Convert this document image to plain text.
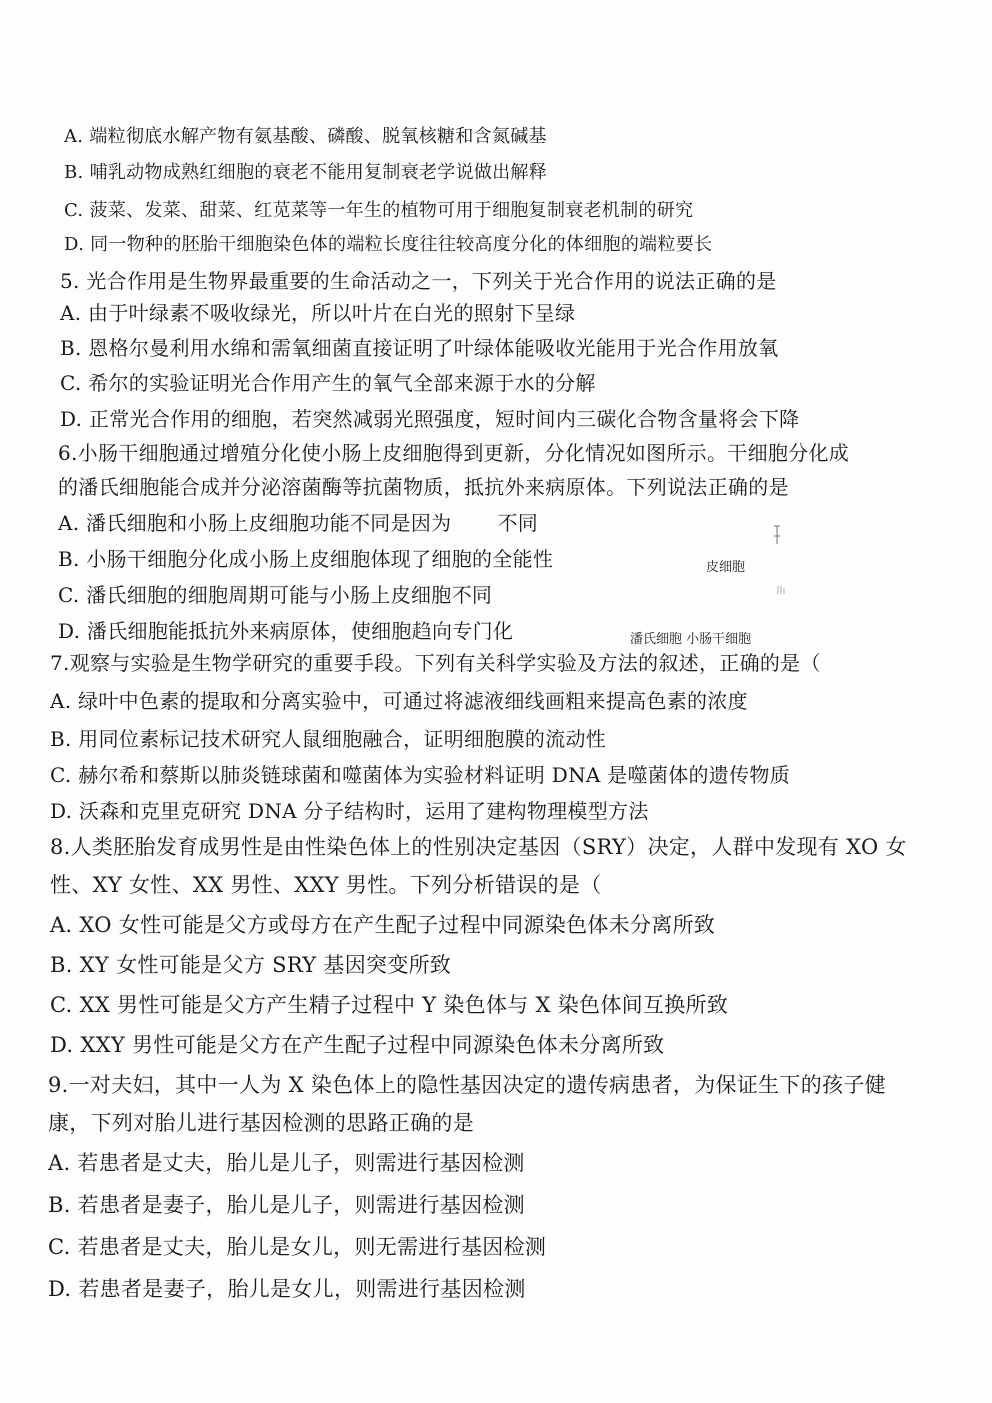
A. 端粒彻底水解产物有氨基酸、磷酸、脱氧核糖和含氮碱基
B. 哺乳动物成熟红细胞的衰老不能用复制衰老学说做出解释
C. 菠菜、发菜、甜菜、红苋菜等一年生的植物可用于细胞复制衰老机制的研究
D. 同一物种的胚胎干细胞染色体的端粒长度往往较高度分化的体细胞的端粒要长
5. 光合作用是生物界最重要的生命活动之一，下列关于光合作用的说法正确的是
A. 由于叶绿素不吸收绿光，所以叶片在白光的照射下呈绿
B. 恩格尔曼利用水绵和需氧细菌直接证明了叶绿体能吸收光能用于光合作用放氧
C. 希尔的实验证明光合作用产生的氧气全部来源于水的分解
D. 正常光合作用的细胞，若突然减弱光照强度，短时间内三碳化合物含量将会下降
6.小肠干细胞通过增殖分化使小肠上皮细胞得到更新，分化情况如图所示。干细胞分化成
的潘氏细胞能合成并分泌溶菌酶等抗菌物质，抵抗外来病原体。下列说法正确的是
A. 潘氏细胞和小肠上皮细胞功能不同是因为 不同
B. 小肠干细胞分化成小肠上皮细胞体现了细胞的全能性
C. 潘氏细胞的细胞周期可能与小肠上皮细胞不同
D. 潘氏细胞能抵抗外来病原体，使细胞趋向专门化
皮细胞
潘氏细胞 小肠干细胞
7.观察与实验是生物学研究的重要手段。下列有关科学实验及方法的叙述，正确的是（
A. 绿叶中色素的提取和分离实验中，可通过将滤液细线画粗来提高色素的浓度
B. 用同位素标记技术研究人鼠细胞融合，证明细胞膜的流动性
C. 赫尔希和蔡斯以肺炎链球菌和噬菌体为实验材料证明 DNA 是噬菌体的遗传物质
D. 沃森和克里克研究 DNA 分子结构时，运用了建构物理模型方法
8.人类胚胎发育成男性是由性染色体上的性别决定基因（SRY）决定，人群中发现有 XO 女
性、XY 女性、XX 男性、XXY 男性。下列分析错误的是（
A. XO 女性可能是父方或母方在产生配子过程中同源染色体未分离所致
B. XY 女性可能是父方 SRY 基因突变所致
C. XX 男性可能是父方产生精子过程中 Y 染色体与 X 染色体间互换所致
D. XXY 男性可能是父方在产生配子过程中同源染色体未分离所致
9.一对夫妇，其中一人为 X 染色体上的隐性基因决定的遗传病患者，为保证生下的孩子健
康，下列对胎儿进行基因检测的思路正确的是
A. 若患者是丈夫，胎儿是儿子，则需进行基因检测
B. 若患者是妻子，胎儿是儿子，则需进行基因检测
C. 若患者是丈夫，胎儿是女儿，则无需进行基因检测
D. 若患者是妻子，胎儿是女儿，则需进行基因检测
